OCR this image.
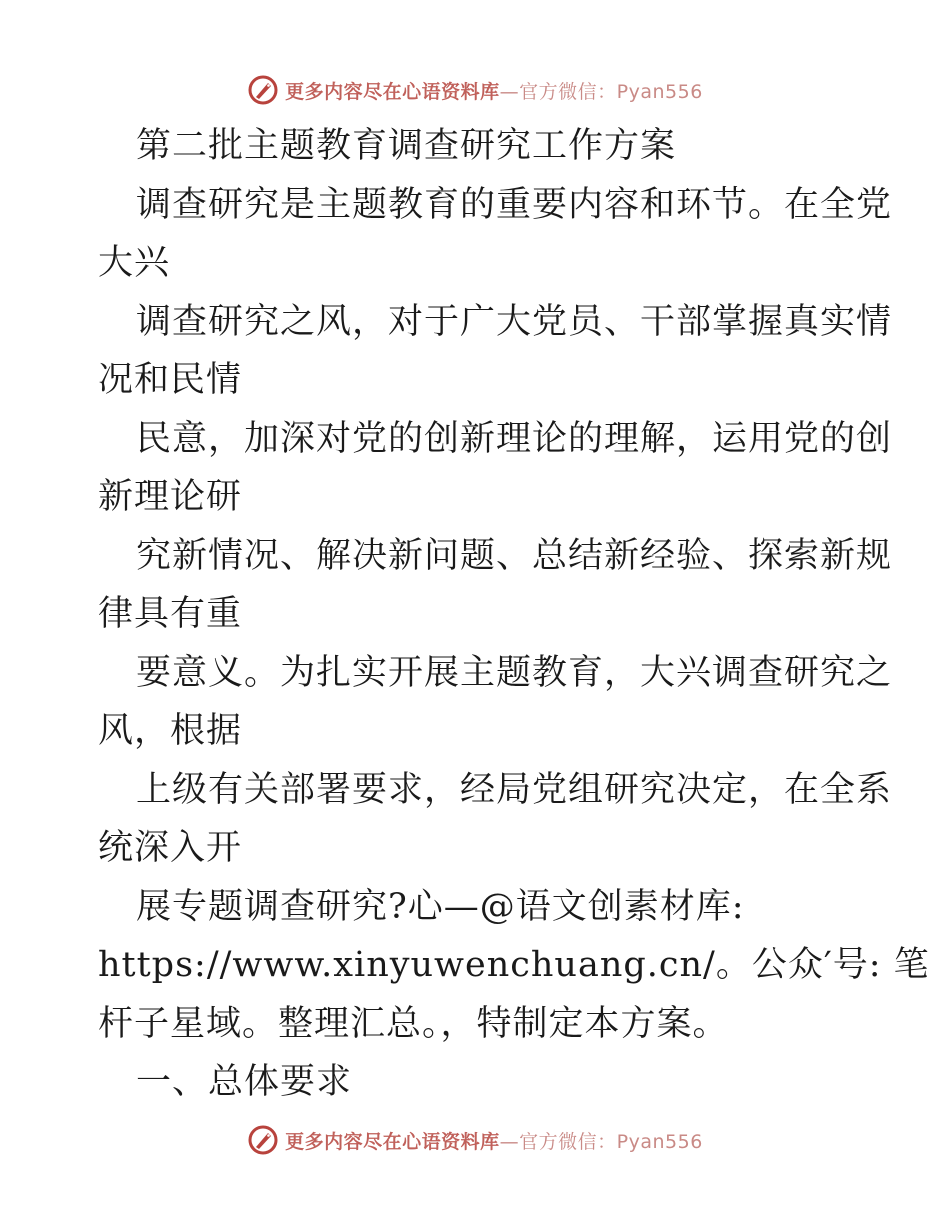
更多内容尽在心语资料库—官方微信：Pyan556
第二批主题教育调查研究工作方案
调查研究是主题教育的重要内容和环节。在全党
大兴
调查研究之风，对于广大党员、干部掌握真实情
况和民情
民意，加深对党的创新理论的理解，运用党的创
新理论研
究新情况、解决新问题、总结新经验、探索新规
律具有重
要意义。为扎实开展主题教育，大兴调查研究之
风，根据
上级有关部署要求，经局党组研究决定，在全系
统深入开
展专题调查研究?心—@语文创素材库:
https://www.xinyuwenchuang.cn/。公众′号: 笔
杆子星域。整理汇总。，特制定本方案。
一、总体要求
更多内容尽在心语资料库—官方微信：Pyan556
